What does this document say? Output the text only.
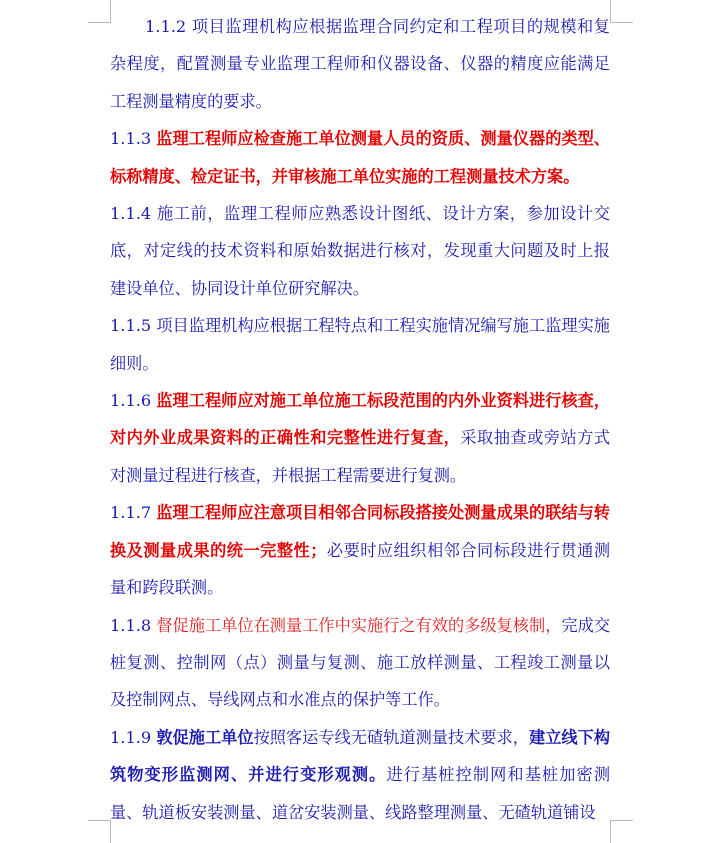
1.1.2 项目监理机构应根据监理合同约定和工程项目的规模和复杂程度，配置测量专业监理工程师和仪器设备、仪器的精度应能满足工程测量精度的要求。

1.1.3 监理工程师应检查施工单位测量人员的资质、测量仪器的类型、标称精度、检定证书，并审核施工单位实施的工程测量技术方案。

1.1.4 施工前，监理工程师应熟悉设计图纸、设计方案，参加设计交底，对定线的技术资料和原始数据进行核对，发现重大问题及时上报建设单位、协同设计单位研究解决。

1.1.5 项目监理机构应根据工程特点和工程实施情况编写施工监理实施细则。

1.1.6 监理工程师应对施工单位施工标段范围的内外业资料进行核查，对内外业成果资料的正确性和完整性进行复查，采取抽查或旁站方式对测量过程进行核查，并根据工程需要进行复测。

1.1.7 监理工程师应注意项目相邻合同标段搭接处测量成果的联结与转换及测量成果的统一完整性；必要时应组织相邻合同标段进行贯通测量和跨段联测。

1.1.8 督促施工单位在测量工作中实施行之有效的多级复核制，完成交桩复测、控制网（点）测量与复测、施工放样测量、工程竣工测量以及控制网点、导线网点和水准点的保护等工作。

1.1.9 敦促施工单位按照客运专线无碴轨道测量技术要求，建立线下构筑物变形监测网、并进行变形观测。进行基桩控制网和基桩加密测量、轨道板安装测量、道岔安装测量、线路整理测量、无碴轨道铺设
